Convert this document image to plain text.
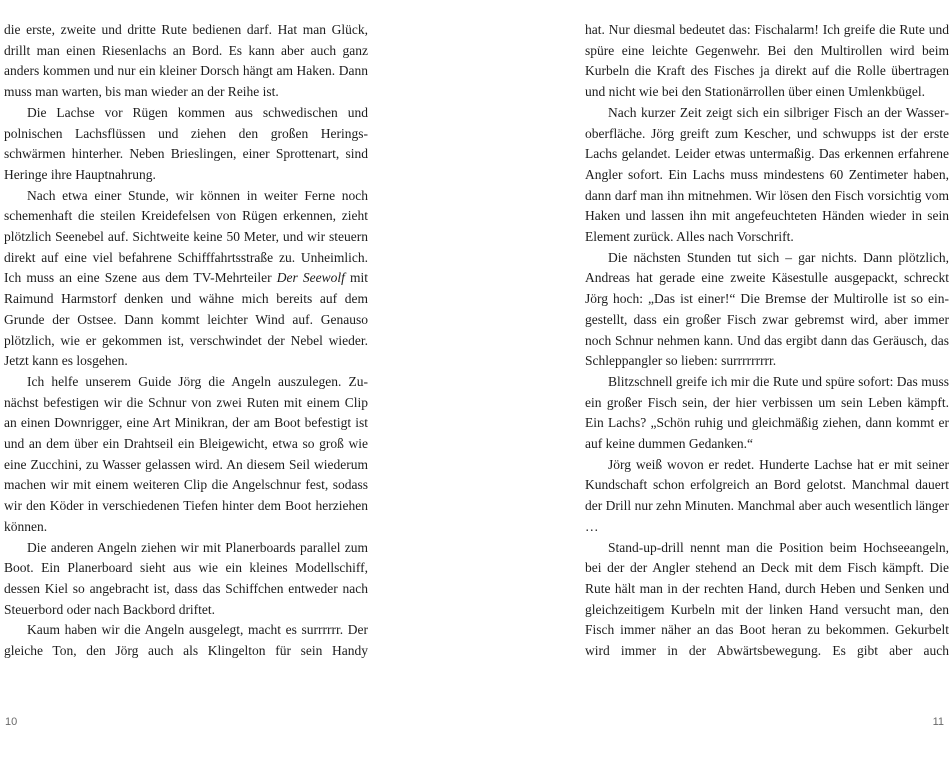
die erste, zweite und dritte Rute bedienen darf. Hat man Glück, drillt man einen Riesenlachs an Bord. Es kann aber auch ganz anders kommen und nur ein kleiner Dorsch hängt am Haken. Dann muss man warten, bis man wieder an der Reihe ist.

Die Lachse vor Rügen kommen aus schwedischen und polnischen Lachsflüssen und ziehen den großen Heringsschwärmen hinterher. Neben Brieslingen, einer Sprottenart, sind Heringe ihre Hauptnahrung.

Nach etwa einer Stunde, wir können in weiter Ferne noch schemenhaft die steilen Kreidefelsen von Rügen erkennen, zieht plötzlich Seenebel auf. Sichtweite keine 50 Meter, und wir steuern direkt auf eine viel befahrene Schifffahrtsstraße zu. Unheimlich. Ich muss an eine Szene aus dem TV-Mehrteiler Der Seewolf mit Raimund Harmstorf denken und wähne mich bereits auf dem Grunde der Ostsee. Dann kommt leichter Wind auf. Genauso plötzlich, wie er gekommen ist, verschwindet der Nebel wieder. Jetzt kann es losgehen.

Ich helfe unserem Guide Jörg die Angeln auszulegen. Zunächst befestigen wir die Schnur von zwei Ruten mit einem Clip an einen Downrigger, eine Art Minikran, der am Boot befestigt ist und an dem über ein Drahtseil ein Bleigewicht, etwa so groß wie eine Zucchini, zu Wasser gelassen wird. An diesem Seil wiederum machen wir mit einem weiteren Clip die Angelschnur fest, sodass wir den Köder in verschiedenen Tiefen hinter dem Boot herziehen können.

Die anderen Angeln ziehen wir mit Planerboards parallel zum Boot. Ein Planerboard sieht aus wie ein kleines Modellschiff, dessen Kiel so angebracht ist, dass das Schiffchen entweder nach Steuerbord oder nach Backbord driftet.

Kaum haben wir die Angeln ausgelegt, macht es surrrrrr. Der gleiche Ton, den Jörg auch als Klingelton für sein Handy

hat. Nur diesmal bedeutet das: Fischalarm! Ich greife die Rute und spüre eine leichte Gegenwehr. Bei den Multirollen wird beim Kurbeln die Kraft des Fisches ja direkt auf die Rolle übertragen und nicht wie bei den Stationärrollen über einen Umlenkbügel.

Nach kurzer Zeit zeigt sich ein silbriger Fisch an der Wasseroberfläche. Jörg greift zum Kescher, und schwupps ist der erste Lachs gelandet. Leider etwas untermaßig. Das erkennen erfahrene Angler sofort. Ein Lachs muss mindestens 60 Zentimeter haben, dann darf man ihn mitnehmen. Wir lösen den Fisch vorsichtig vom Haken und lassen ihn mit angefeuchteten Händen wieder in sein Element zurück. Alles nach Vorschrift.

Die nächsten Stunden tut sich – gar nichts. Dann plötzlich, Andreas hat gerade eine zweite Käsestulle ausgepackt, schreckt Jörg hoch: „Das ist einer!“ Die Bremse der Multirolle ist so eingestellt, dass ein großer Fisch zwar gebremst wird, aber immer noch Schnur nehmen kann. Und das ergibt dann das Geräusch, das Schleppangler so lieben: surrrrrrrrr.

Blitzschnell greife ich mir die Rute und spüre sofort: Das muss ein großer Fisch sein, der hier verbissen um sein Leben kämpft. Ein Lachs? „Schön ruhig und gleichmäßig ziehen, dann kommt er auf keine dummen Gedanken.“

Jörg weiß wovon er redet. Hunderte Lachse hat er mit seiner Kundschaft schon erfolgreich an Bord gelotst. Manchmal dauert der Drill nur zehn Minuten. Manchmal aber auch wesentlich länger …

Stand-up-drill nennt man die Position beim Hochseeangeln, bei der der Angler stehend an Deck mit dem Fisch kämpft. Die Rute hält man in der rechten Hand, durch Heben und Senken und gleichzeitigem Kurbeln mit der linken Hand versucht man, den Fisch immer näher an das Boot heran zu bekommen. Gekurbelt wird immer in der Abwärtsbewegung. Es gibt aber auch

10	11
